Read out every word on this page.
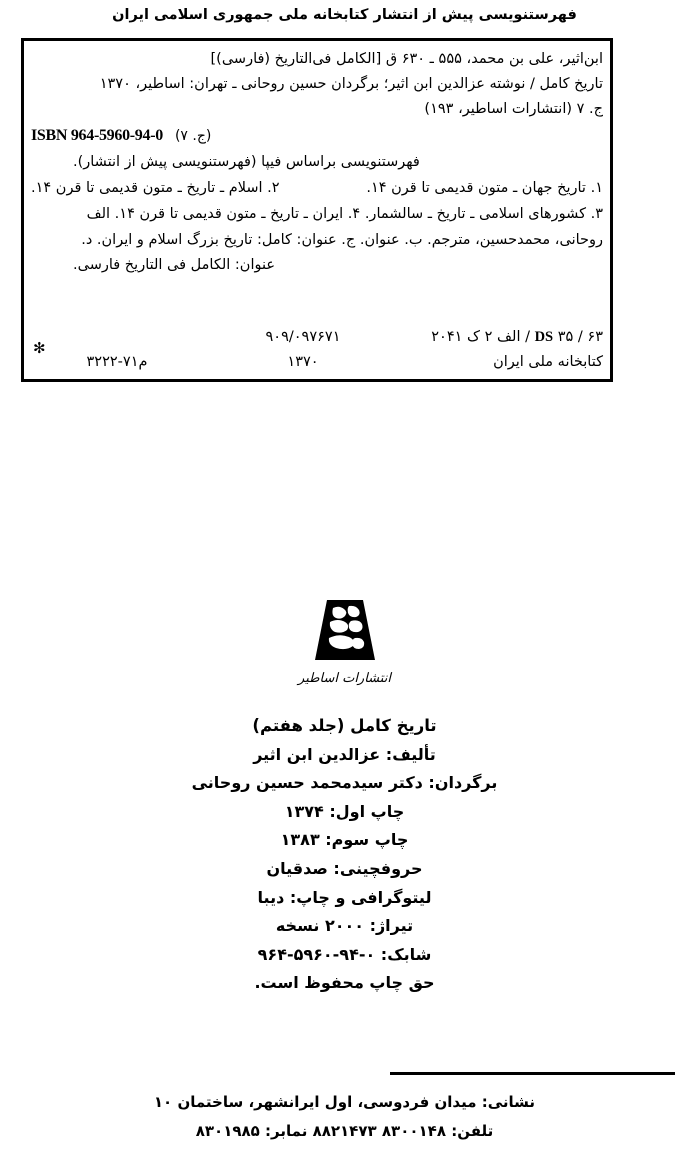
فهرستنویسی پیش از انتشار کتابخانه ملی جمهوری اسلامی ایران
ابن‌اثیر، علی بن محمد، ۵۵۵ ـ ۶۳۰ ق [الکامل فی‌التاریخ (فارسی)]
تاریخ کامل / نوشته عزالدین ابن اثیر؛ برگردان حسین روحانی ـ تهران: اساطیر، ۱۳۷۰
ج. ۷ (انتشارات اساطیر، ۱۹۳)
ISBN 964-5960-94-0 (ج. ۷)
فهرستنویسی براساس فیپا (فهرستنویسی پیش از انتشار).
۱. تاریخ جهان ـ متون قدیمی تا قرن ۱۴.
۲. اسلام ـ تاریخ ـ متون قدیمی تا قرن ۱۴.
۳. کشورهای اسلامی ـ تاریخ ـ سالشمار. ۴. ایران ـ تاریخ ـ متون قدیمی تا قرن ۱۴. الف
روحانی، محمدحسین، مترجم. ب. عنوان. ج. عنوان: کامل: تاریخ بزرگ اسلام و ایران. د.
عنوان: الکامل فی التاریخ فارسی.
DS ۳۵ / ۶۳ / الف ۲ ک ۲۰۴۱
۹۰۹/۰۹۷۶۷۱
کتابخانه ملی ایران
۱۳۷۰
✻
م۷۱-۳۲۲۲
انتشارات اساطیر
تاریخ کامل (جلد هفتم)
تألیف: عزالدین ابن اثیر
برگردان: دکتر سیدمحمد حسین روحانی
چاپ اول: ۱۳۷۴
چاپ سوم: ۱۳۸۳
حروفچینی: صدقیان
لیتوگرافی و چاپ: دیبا
تیراژ: ۲۰۰۰ نسخه
شابک: ۰-۹۴-۵۹۶۰-۹۶۴
حق چاپ محفوظ است.
نشانی: میدان فردوسی، اول ایرانشهر، ساختمان ۱۰
تلفن: ۸۳۰۰۱۴۸ ۸۸۲۱۴۷۳ نمابر: ۸۳۰۱۹۸۵
